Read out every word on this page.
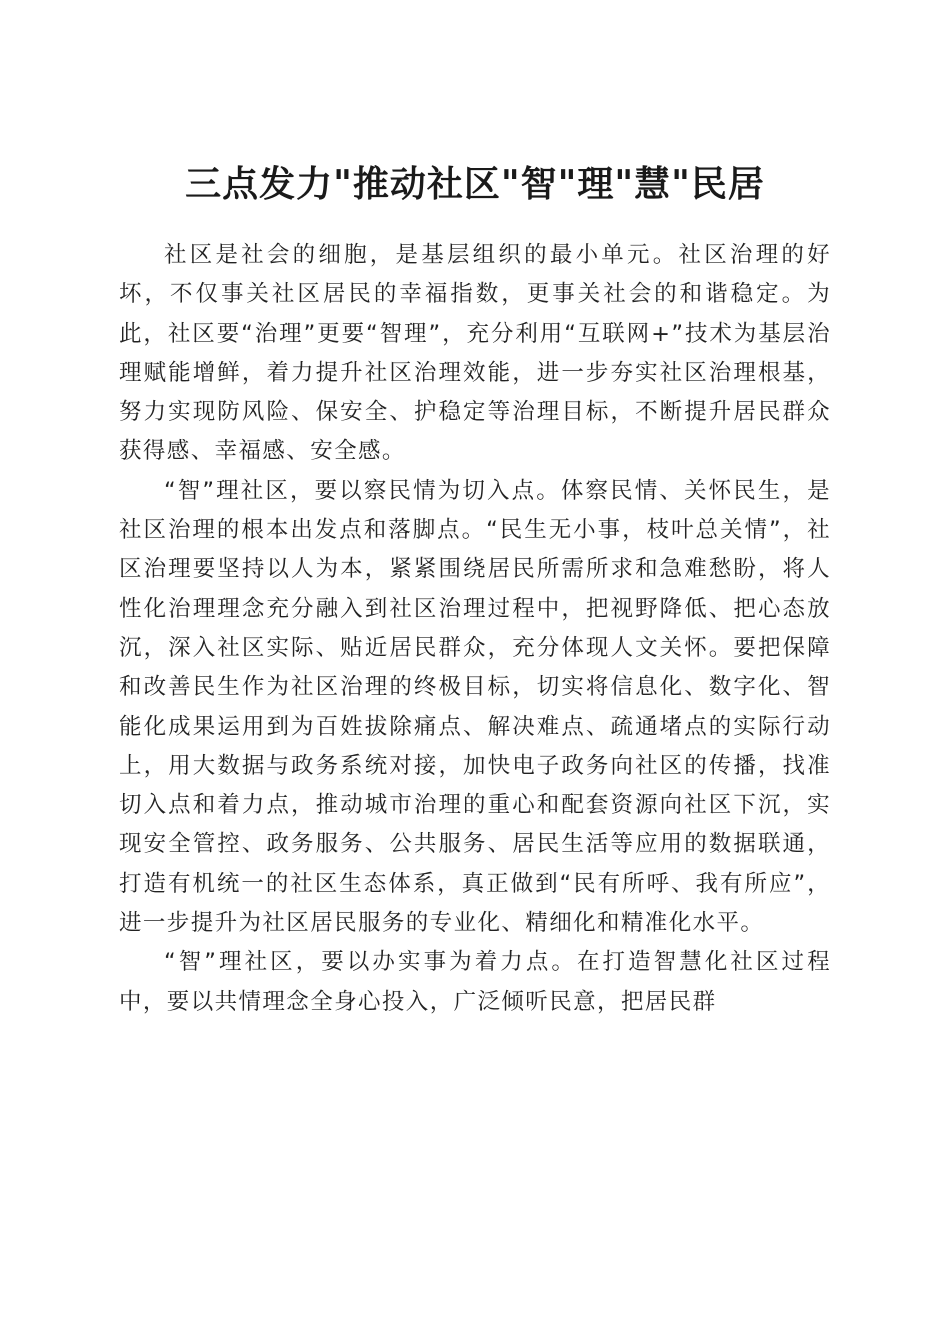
三点发力"推动社区"智"理"慧"民居

社区是社会的细胞，是基层组织的最小单元。社区治理的好坏，不仅事关社区居民的幸福指数，更事关社会的和谐稳定。为此，社区要“治理”更要“智理”，充分利用“互联网+”技术为基层治理赋能增鲜，着力提升社区治理效能，进一步夯实社区治理根基，努力实现防风险、保安全、护稳定等治理目标，不断提升居民群众获得感、幸福感、安全感。

“智”理社区，要以察民情为切入点。体察民情、关怀民生，是社区治理的根本出发点和落脚点。“民生无小事，枝叶总关情”，社区治理要坚持以人为本，紧紧围绕居民所需所求和急难愁盼，将人性化治理理念充分融入到社区治理过程中，把视野降低、把心态放沉，深入社区实际、贴近居民群众，充分体现人文关怀。要把保障和改善民生作为社区治理的终极目标，切实将信息化、数字化、智能化成果运用到为百姓拔除痛点、解决难点、疏通堵点的实际行动上，用大数据与政务系统对接，加快电子政务向社区的传播，找准切入点和着力点，推动城市治理的重心和配套资源向社区下沉，实现安全管控、政务服务、公共服务、居民生活等应用的数据联通，打造有机统一的社区生态体系，真正做到“民有所呼、我有所应”，进一步提升为社区居民服务的专业化、精细化和精准化水平。

“智”理社区，要以办实事为着力点。在打造智慧化社区过程中，要以共情理念全身心投入，广泛倾听民意，把居民群
